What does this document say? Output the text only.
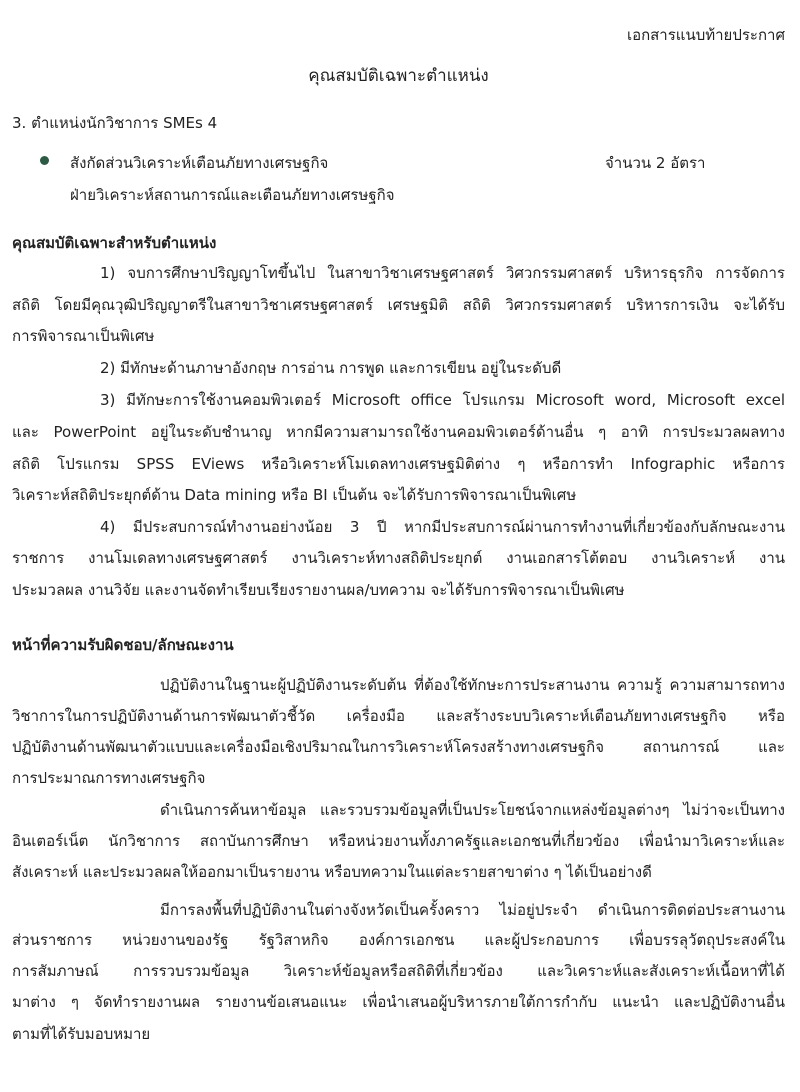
เอกสารแนบท้ายประกาศ
คุณสมบัติเฉพาะตำแหน่ง
3. ตำแหน่งนักวิชาการ SMEs 4
สังกัดส่วนวิเคราะห์เตือนภัยทางเศรษฐกิจ	จำนวน 2 อัตรา
ฝ่ายวิเคราะห์สถานการณ์และเตือนภัยทางเศรษฐกิจ
คุณสมบัติเฉพาะสำหรับตำแหน่ง
1) จบการศึกษาปริญญาโทขึ้นไป ในสาขาวิชาเศรษฐศาสตร์ วิศวกรรมศาสตร์ บริหารธุรกิจ การจัดการ
สถิติ โดยมีคุณวุฒิปริญญาตรีในสาขาวิชาเศรษฐศาสตร์ เศรษฐมิติ สถิติ วิศวกรรมศาสตร์ บริหารการเงิน จะได้รับ
การพิจารณาเป็นพิเศษ
2) มีทักษะด้านภาษาอังกฤษ การอ่าน การพูด และการเขียน อยู่ในระดับดี
3) มีทักษะการใช้งานคอมพิวเตอร์ Microsoft office โปรแกรม Microsoft word, Microsoft excel
และ PowerPoint อยู่ในระดับชำนาญ หากมีความสามารถใช้งานคอมพิวเตอร์ด้านอื่น ๆ อาทิ การประมวลผลทาง
สถิติ โปรแกรม SPSS EViews หรือวิเคราะห์โมเดลทางเศรษฐมิติต่าง ๆ หรือการทำ Infographic หรือการ
วิเคราะห์สถิติประยุกต์ด้าน Data mining หรือ BI เป็นต้น จะได้รับการพิจารณาเป็นพิเศษ
4) มีประสบการณ์ทำงานอย่างน้อย 3 ปี หากมีประสบการณ์ผ่านการทำงานที่เกี่ยวข้องกับลักษณะงาน
ราชการ งานโมเดลทางเศรษฐศาสตร์ งานวิเคราะห์ทางสถิติประยุกต์ งานเอกสารโต้ตอบ งานวิเคราะห์ งาน
ประมวลผล งานวิจัย และงานจัดทำเรียบเรียงรายงานผล/บทความ จะได้รับการพิจารณาเป็นพิเศษ
หน้าที่ความรับผิดชอบ/ลักษณะงาน
ปฏิบัติงานในฐานะผู้ปฏิบัติงานระดับต้น ที่ต้องใช้ทักษะการประสานงาน ความรู้ ความสามารถทาง
วิชาการในการปฏิบัติงานด้านการพัฒนาตัวชี้วัด เครื่องมือ และสร้างระบบวิเคราะห์เตือนภัยทางเศรษฐกิจ หรือ
ปฏิบัติงานด้านพัฒนาตัวแบบและเครื่องมือเชิงปริมาณในการวิเคราะห์โครงสร้างทางเศรษฐกิจ สถานการณ์ และ
การประมาณการทางเศรษฐกิจ
ดำเนินการค้นหาข้อมูล และรวบรวมข้อมูลที่เป็นประโยชน์จากแหล่งข้อมูลต่างๆ ไม่ว่าจะเป็นทาง
อินเตอร์เน็ต นักวิชาการ สถาบันการศึกษา หรือหน่วยงานทั้งภาครัฐและเอกชนที่เกี่ยวข้อง เพื่อนำมาวิเคราะห์และ
สังเคราะห์ และประมวลผลให้ออกมาเป็นรายงาน หรือบทความในแต่ละรายสาขาต่าง ๆ ได้เป็นอย่างดี
มีการลงพื้นที่ปฏิบัติงานในต่างจังหวัดเป็นครั้งคราว ไม่อยู่ประจำ ดำเนินการติดต่อประสานงาน
ส่วนราชการ หน่วยงานของรัฐ รัฐวิสาหกิจ องค์การเอกชน และผู้ประกอบการ เพื่อบรรลุวัตถุประสงค์ใน
การสัมภาษณ์ การรวบรวมข้อมูล วิเคราะห์ข้อมูลหรือสถิติที่เกี่ยวข้อง และวิเคราะห์และสังเคราะห์เนื้อหาที่ได้
มาต่าง ๆ จัดทำรายงานผล รายงานข้อเสนอแนะ เพื่อนำเสนอผู้บริหารภายใต้การกำกับ แนะนำ และปฏิบัติงานอื่น
ตามที่ได้รับมอบหมาย
